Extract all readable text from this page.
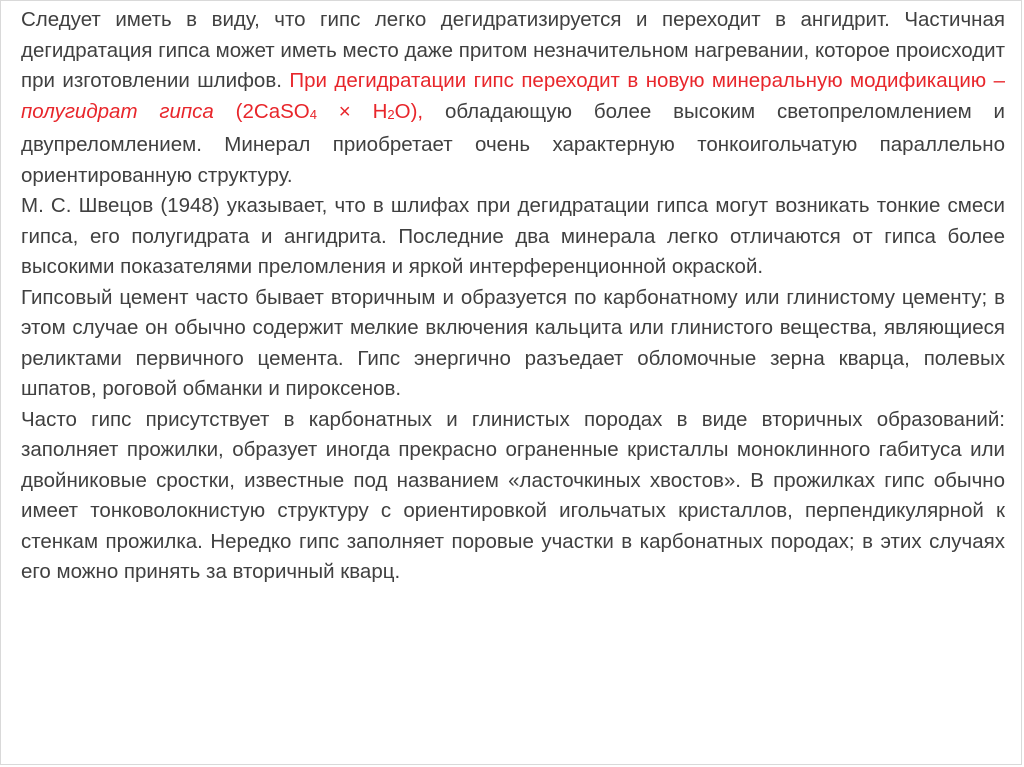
Следует иметь в виду, что гипс легко дегидратизируется и переходит в ангидрит. Частичная дегидратация гипса может иметь место даже притом незначительном нагревании, которое происходит при изготовлении шлифов. При дегидратации гипс переходит в новую минеральную модификацию – полугидрат гипса (2CaSO4 × H2O), обладающую более высоким светопреломлением и двупреломлением. Минерал приобретает очень характерную тонкоигольчатую параллельно ориентированную структуру.

М. С. Швецов (1948) указывает, что в шлифах при дегидратации гипса могут возникать тонкие смеси гипса, его полугидрата и ангидрита. Последние два минерала легко отличаются от гипса более высокими показателями преломления и яркой интерференционной окраской.

Гипсовый цемент часто бывает вторичным и образуется по карбонатному или глинистому цементу; в этом случае он обычно содержит мелкие включения кальцита или глинистого вещества, являющиеся реликтами первичного цемента. Гипс энергично разъедает обломочные зерна кварца, полевых шпатов, роговой обманки и пироксенов.

Часто гипс присутствует в карбонатных и глинистых породах в виде вторичных образований: заполняет прожилки, образует иногда прекрасно ограненные кристаллы моноклинного габитуса или двойниковые сростки, известные под названием «ласточкиных хвостов». В прожилках гипс обычно имеет тонковолокнистую структуру с ориентировкой игольчатых кристаллов, перпендикулярной к стенкам прожилка. Нередко гипс заполняет поровые участки в карбонатных породах; в этих случаях его можно принять за вторичный кварц.
